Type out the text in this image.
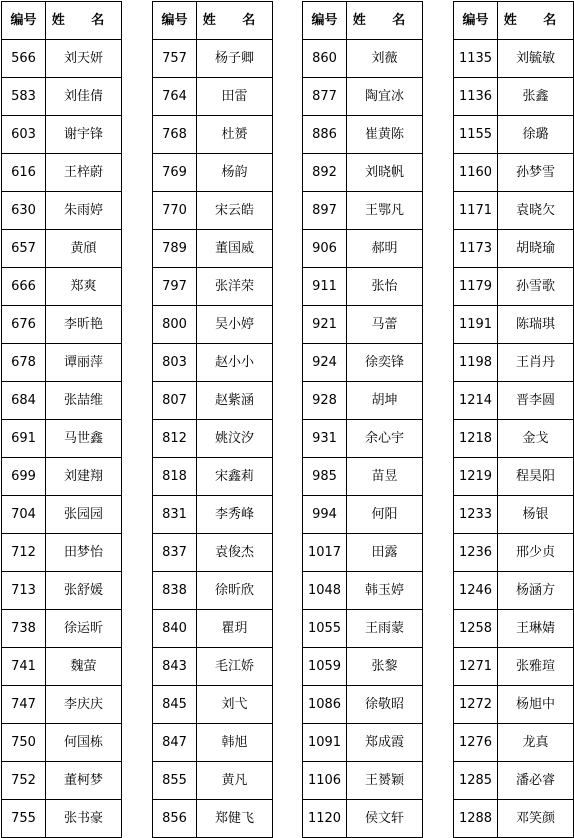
编号	姓 名
566	刘天妍
583	刘佳倩
603	谢宇锋
616	王梓蔚
630	朱雨婷
657	黄頎
666	郑爽
676	李昕艳
678	谭丽萍
684	张喆维
691	马世鑫
699	刘建翔
704	张园园
712	田梦怡
713	张舒媛
738	徐运昕
741	魏萤
747	李庆庆
750	何国栋
752	董柯梦
755	张书豪
编号	姓 名
757	杨子卿
764	田雷
768	杜赟
769	杨韵
770	宋云皓
789	董国威
797	张洋荣
800	吴小婷
803	赵小小
807	赵紫涵
812	姚汶汐
818	宋鑫莉
831	李秀峰
837	袁俊杰
838	徐昕欣
840	瞿玥
843	毛江娇
845	刘弋
847	韩旭
855	黄凡
856	郑健飞
编号	姓 名
860	刘薇
877	陶宜冰
886	崔黄陈
892	刘晓帆
897	王鄂凡
906	郝明
911	张怡
921	马蕾
924	徐奕锋
928	胡坤
931	余心宇
985	苗昱
994	何阳
1017	田露
1048	韩玉婷
1055	王雨蒙
1059	张黎
1086	徐敬昭
1091	郑成霞
1106	王赟颖
1120	侯文轩
编号	姓 名
1135	刘毓敏
1136	张鑫
1155	徐璐
1160	孙梦雪
1171	袁晓欠
1173	胡晓瑜
1179	孙雪歌
1191	陈瑞琪
1198	王肖丹
1214	晋李圆
1218	金戈
1219	程昊阳
1233	杨银
1236	邢少贞
1246	杨涵方
1258	王琳婧
1271	张雅瑄
1272	杨旭中
1276	龙真
1285	潘必睿
1288	邓笑颜
